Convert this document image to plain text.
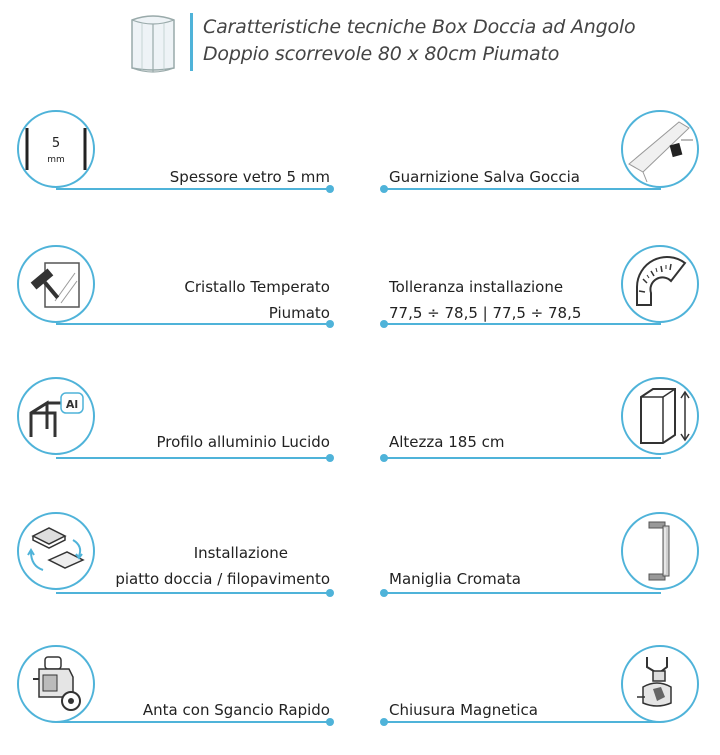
Caratteristiche tecniche Box Doccia ad Angolo
Doppio scorrevole 80 x 80cm Piumato
5
mm
Spessore vetro 5 mm
Cristallo Temperato
Piumato
Al
Profilo alluminio Lucido
Installazione
piatto doccia / filopavimento
Anta con Sgancio Rapido
Guarnizione Salva Goccia
Tolleranza installazione
77,5 ÷ 78,5 | 77,5 ÷ 78,5
Altezza 185 cm
Maniglia Cromata
Chiusura Magnetica
